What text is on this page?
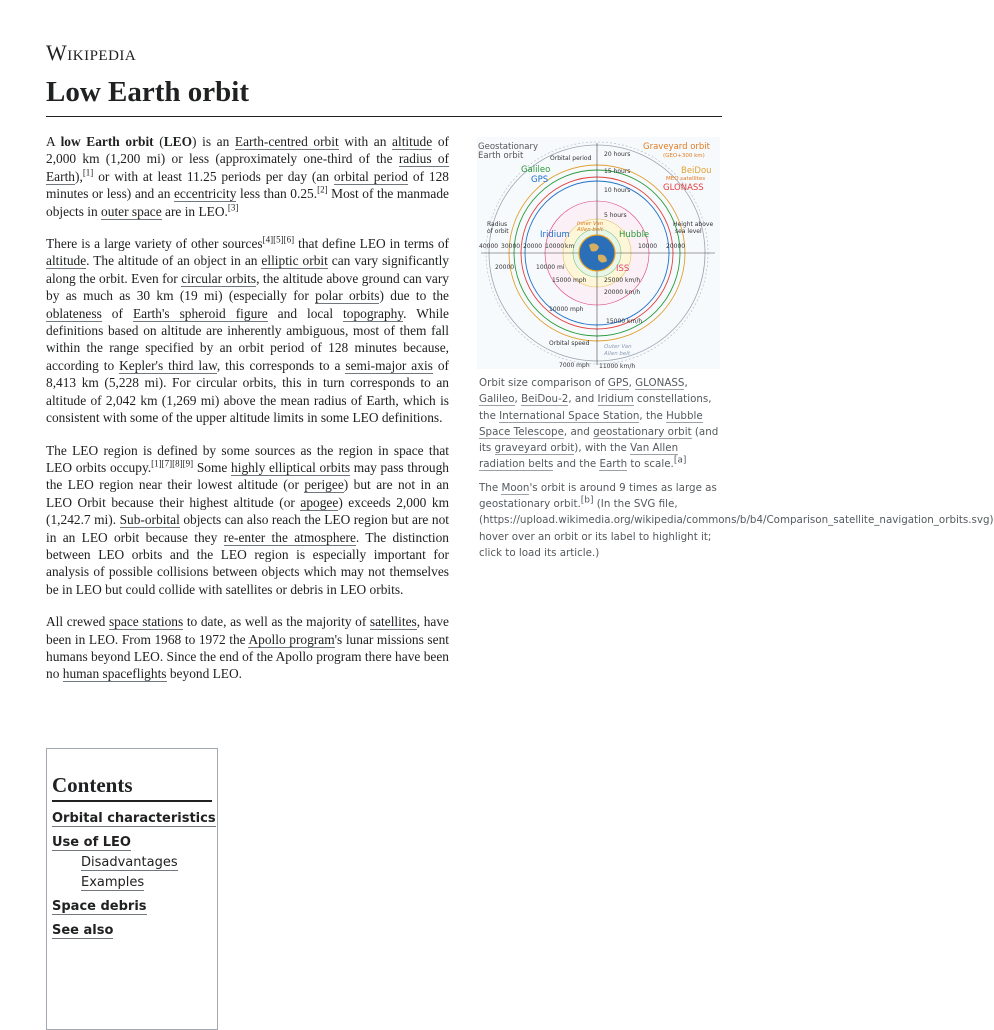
Wikipedia
Low Earth orbit
Geostationary
Earth orbit
Graveyard orbit
(GEO+300 km)
Orbital period
20 hours
15 hours
10 hours
5 hours
Galileo
GPS
BeiDou
MEO satellites
GLONASS
Radius
of orbit	Iridium	Hubble
Inner Van
Allen belt
Height above
sea level
40000 30000 20000 10000 km	10000 20000
20000	10000 mi
15000 mph
ISS
25000 km/h
20000 km/h
10000 mph
15000 km/h
Orbital speed	Outer Van
Allen belt
7000 mph 11000 km/h
Orbit size comparison of GPS, GLONASS, Galileo, BeiDou-2, and Iridium constellations, the International Space Station, the Hubble Space Telescope, and geostationary orbit (and its graveyard orbit), with the Van Allen radiation belts and the Earth to scale.[a]
The Moon's orbit is around 9 times as large as geostationary orbit.[b] (In the SVG file, (https://upload.wikimedia.org/wikipedia/commons/b/b4/Comparison_satellite_navigation_orbits.svg) hover over an orbit or its label to highlight it; click to load its article.)

A low Earth orbit (LEO) is an Earth-centred orbit with an altitude of 2,000 km (1,200 mi) or less (approximately one-third of the radius of Earth),[1] or with at least 11.25 periods per day (an orbital period of 128 minutes or less) and an eccentricity less than 0.25.[2] Most of the manmade objects in outer space are in LEO.[3]

There is a large variety of other sources[4][5][6] that define LEO in terms of altitude. The altitude of an object in an elliptic orbit can vary significantly along the orbit. Even for circular orbits, the altitude above ground can vary by as much as 30 km (19 mi) (especially for polar orbits) due to the oblateness of Earth's spheroid figure and local topography. While definitions based on altitude are inherently ambiguous, most of them fall within the range specified by an orbit period of 128 minutes because, according to Kepler's third law, this corresponds to a semi-major axis of 8,413 km (5,228 mi). For circular orbits, this in turn corresponds to an altitude of 2,042 km (1,269 mi) above the mean radius of Earth, which is consistent with some of the upper altitude limits in some LEO definitions.

The LEO region is defined by some sources as the region in space that LEO orbits occupy.[1][7][8][9] Some highly elliptical orbits may pass through the LEO region near their lowest altitude (or perigee) but are not in an LEO Orbit because their highest altitude (or apogee) exceeds 2,000 km (1,242.7 mi). Sub-orbital objects can also reach the LEO region but are not in an LEO orbit because they re-enter the atmosphere. The distinction between LEO orbits and the LEO region is especially important for analysis of possible collisions between objects which may not themselves be in LEO but could collide with satellites or debris in LEO orbits.

All crewed space stations to date, as well as the majority of satellites, have been in LEO. From 1968 to 1972 the Apollo program's lunar missions sent humans beyond LEO. Since the end of the Apollo program there have been no human spaceflights beyond LEO.

Contents
Orbital characteristics
Use of LEO
Disadvantages
Examples
Space debris
See also
